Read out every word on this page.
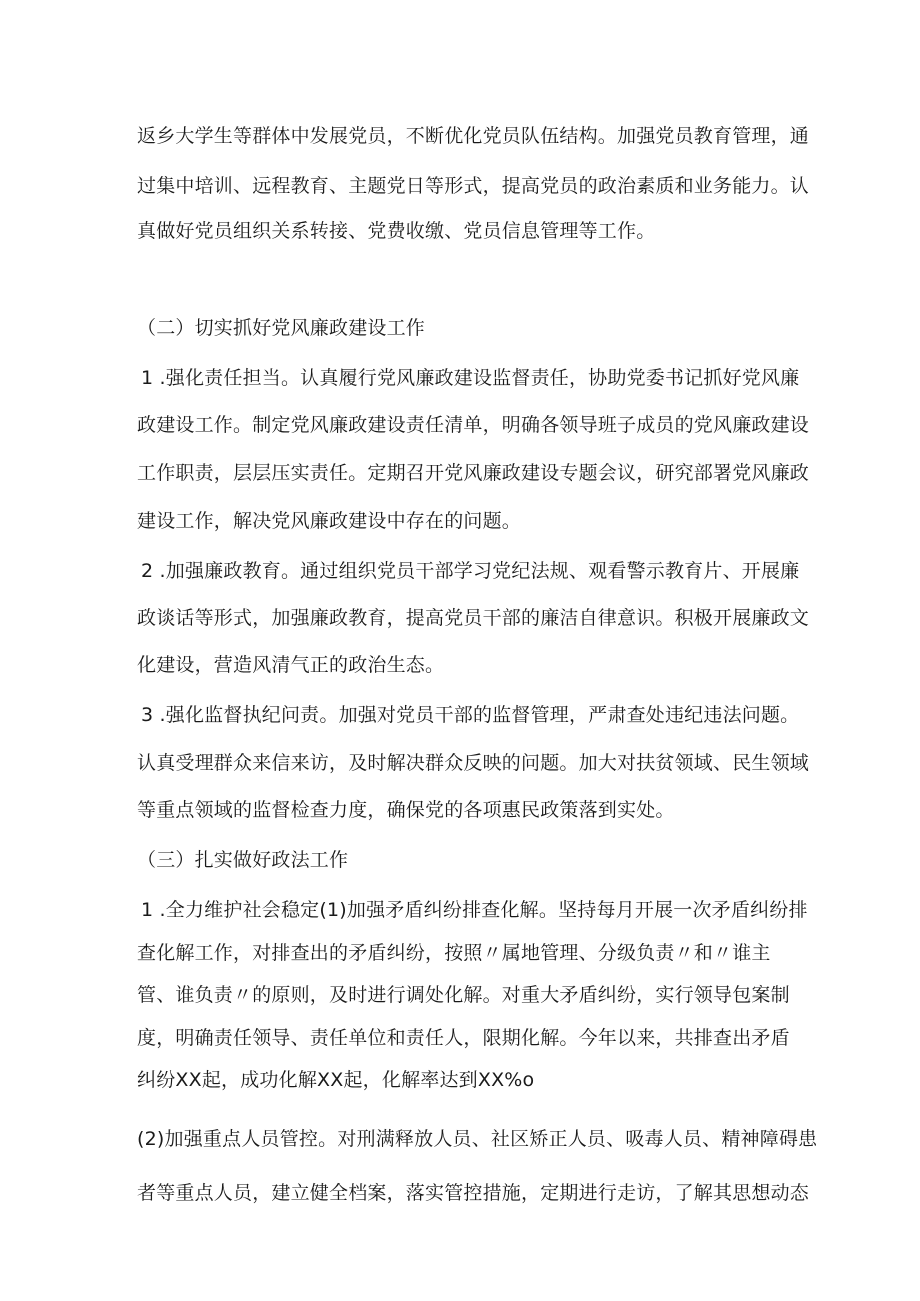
返乡大学生等群体中发展党员，不断优化党员队伍结构。加强党员教育管理，通
过集中培训、远程教育、主题党日等形式，提高党员的政治素质和业务能力。认
真做好党员组织关系转接、党费收缴、党员信息管理等工作。
（二）切实抓好党风廉政建设工作
1 .强化责任担当。认真履行党风廉政建设监督责任，协助党委书记抓好党风廉
政建设工作。制定党风廉政建设责任清单，明确各领导班子成员的党风廉政建设
工作职责，层层压实责任。定期召开党风廉政建设专题会议，研究部署党风廉政
建设工作，解决党风廉政建设中存在的问题。
2 .加强廉政教育。通过组织党员干部学习党纪法规、观看警示教育片、开展廉
政谈话等形式，加强廉政教育，提高党员干部的廉洁自律意识。积极开展廉政文
化建设，营造风清气正的政治生态。
3 .强化监督执纪问责。加强对党员干部的监督管理，严肃查处违纪违法问题。
认真受理群众来信来访，及时解决群众反映的问题。加大对扶贫领域、民生领域
等重点领域的监督检查力度，确保党的各项惠民政策落到实处。
（三）扎实做好政法工作
1 .全力维护社会稳定(1)加强矛盾纠纷排查化解。坚持每月开展一次矛盾纠纷排
查化解工作，对排查出的矛盾纠纷，按照〃属地管理、分级负责〃和〃谁主
管、谁负责〃的原则，及时进行调处化解。对重大矛盾纠纷，实行领导包案制
度，明确责任领导、责任单位和责任人，限期化解。今年以来，共排查出矛盾
纠纷XX起，成功化解XX起，化解率达到XX%o
(2)加强重点人员管控。对刑满释放人员、社区矫正人员、吸毒人员、精神障碍患
者等重点人员，建立健全档案，落实管控措施，定期进行走访，了解其思想动态
